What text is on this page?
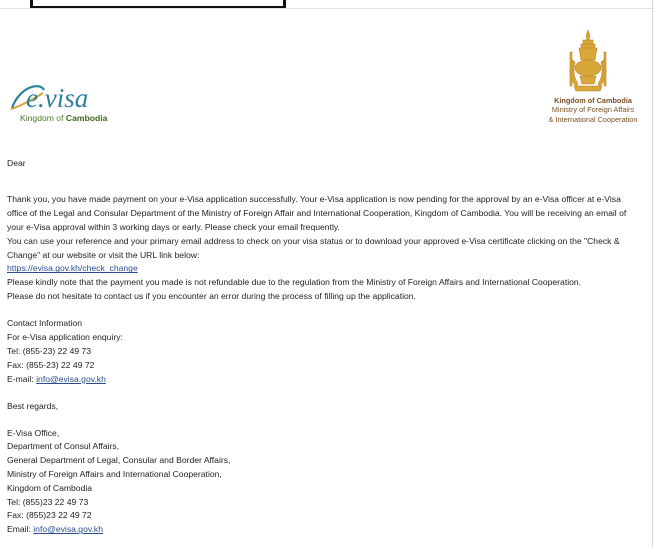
e.visa
Kingdom of Cambodia
Kingdom of Cambodia
Ministry of Foreign Affairs
& International Cooperation

Dear

Thank you, you have made payment on your e-Visa application successfully. Your e-Visa application is now pending for the approval by an e-Visa officer at e-Visa office of the Legal and Consular Department of the Ministry of Foreign Affair and International Cooperation, Kingdom of Cambodia. You will be receiving an email of your e-Visa approval within 3 working days or early. Please check your email frequently.

You can use your reference and your primary email address to check on your visa status or to download your approved e-Visa certificate clicking on the "Check & Change" at our website or visit the URL link below:

https://evisa.gov.kh/check_change

Please kindly note that the payment you made is not refundable due to the regulation from the Ministry of Foreign Affairs and International Cooperation.

Please do not hesitate to contact us if you encounter an error during the process of filling up the application.

Contact Information

For e-Visa application enquiry:

Tel: (855-23) 22 49 73

Fax: (855-23) 22 49 72

E-mail: info@evisa.gov.kh

Best regards,

E-Visa Office,

Department of Consul Affairs,

General Department of Legal, Consular and Border Affairs,

Ministry of Foreign Affairs and International Cooperation,

Kingdom of Cambodia

Tel: (855)23 22 49 73

Fax: (855)23 22 49 72

Email: info@evisa.gov.kh
